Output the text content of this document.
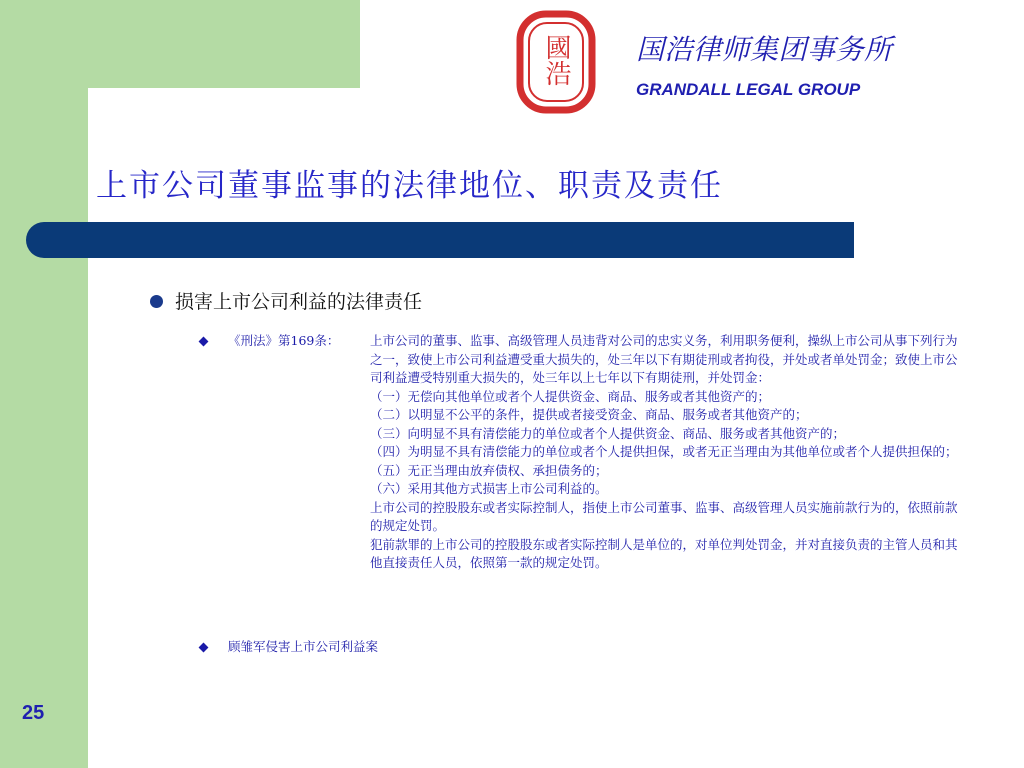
國浩 国浩律师集团事务所
GRANDALL LEGAL GROUP
上市公司董事监事的法律地位、职责及责任
损害上市公司利益的法律责任
《刑法》第169条： 上市公司的董事、监事、高级管理人员违背对公司的忠实义务，利用职务便利，操纵上市公司从事下列行为之一，致使上市公司利益遭受重大损失的，处三年以下有期徒刑或者拘役，并处或者单处罚金；致使上市公司利益遭受特别重大损失的，处三年以上七年以下有期徒刑，并处罚金：
（一）无偿向其他单位或者个人提供资金、商品、服务或者其他资产的；
（二）以明显不公平的条件，提供或者接受资金、商品、服务或者其他资产的；
（三）向明显不具有清偿能力的单位或者个人提供资金、商品、服务或者其他资产的；
（四）为明显不具有清偿能力的单位或者个人提供担保，或者无正当理由为其他单位或者个人提供担保的；
（五）无正当理由放弃债权、承担债务的；
（六）采用其他方式损害上市公司利益的。
上市公司的控股股东或者实际控制人，指使上市公司董事、监事、高级管理人员实施前款行为的，依照前款的规定处罚。
犯前款罪的上市公司的控股股东或者实际控制人是单位的，对单位判处罚金，并对直接负责的主管人员和其他直接责任人员，依照第一款的规定处罚。
顾雏军侵害上市公司利益案
25
